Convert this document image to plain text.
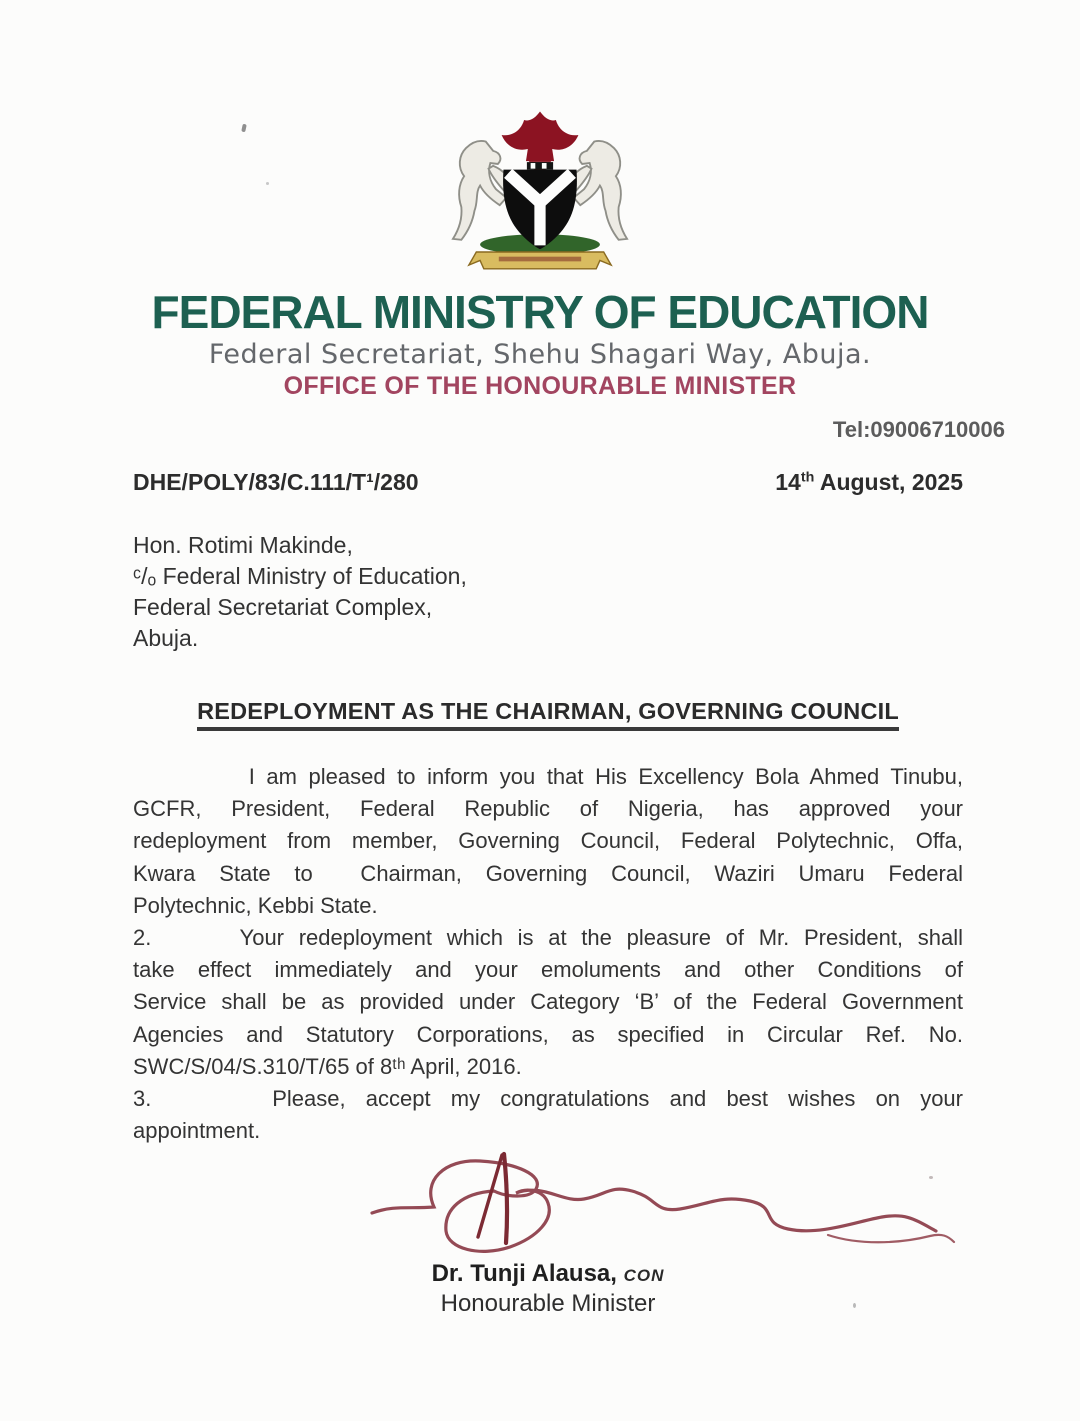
FEDERAL MINISTRY OF EDUCATION
Federal Secretariat, Shehu Shagari Way, Abuja.
OFFICE OF THE HONOURABLE MINISTER
Tel:09006710006
DHE/POLY/83/C.111/T¹/280	14th August, 2025
Hon. Rotimi Makinde,
ᶜ/ₒ Federal Ministry of Education,
Federal Secretariat Complex,
Abuja.
REDEPLOYMENT AS THE CHAIRMAN, GOVERNING COUNCIL
I am pleased to inform you that His Excellency Bola Ahmed Tinubu,
GCFR, President, Federal Republic of Nigeria, has approved your
redeployment from member, Governing Council, Federal Polytechnic, Offa,
Kwara State to  Chairman, Governing Council, Waziri Umaru Federal
Polytechnic, Kebbi State.
2.      Your redeployment which is at the pleasure of Mr. President, shall
take effect immediately and your emoluments and other Conditions of
Service shall be as provided under Category ‘B’ of the Federal Government
Agencies and Statutory Corporations, as specified in Circular Ref. No.
SWC/S/04/S.310/T/65 of 8ᵗʰ April, 2016.
3.      Please, accept my congratulations and best wishes on your
appointment.
Dr. Tunji Alausa, CON
Honourable Minister
